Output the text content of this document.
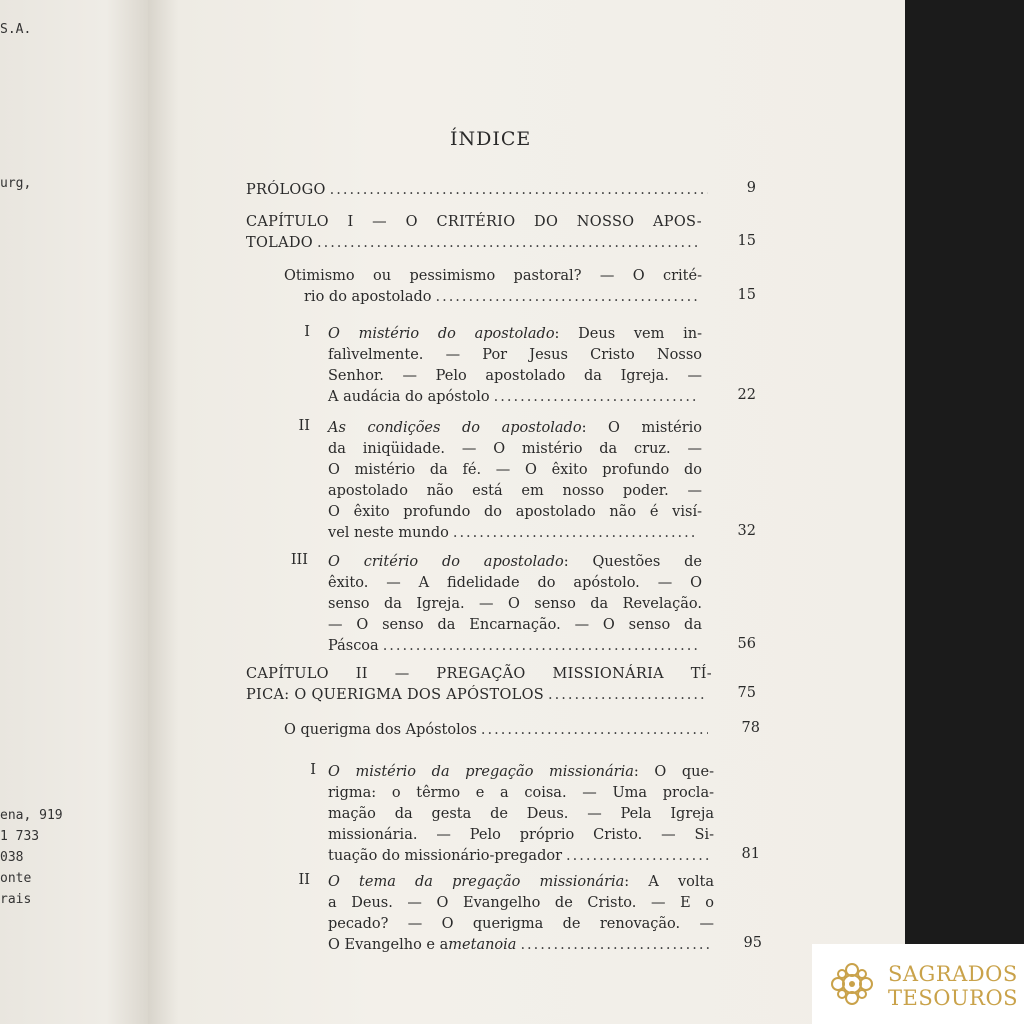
S.A.
urg,
ena, 919
1 733
038
onte
rais
ÍNDICE
PRÓLOGO .....	9
CAPÍTULO I — O CRITÉRIO DO NOSSO APOS-
TOLADO .....	15
Otimismo ou pessimismo pastoral? — O crité-
rio do apostolado .....	15
I O mistério do apostolado: Deus vem in-
falìvelmente. — Por Jesus Cristo Nosso
Senhor. — Pelo apostolado da Igreja. —
A audácia do apóstolo .....	22
II As condições do apostolado: O mistério
da iniqüidade. — O mistério da cruz. —
O mistério da fé. — O êxito profundo do
apostolado não está em nosso poder. —
O êxito profundo do apostolado não é visí-
vel neste mundo .....	32
III O critério do apostolado: Questões de
êxito. — A fidelidade do apóstolo. — O
senso da Igreja. — O senso da Revelação.
— O senso da Encarnação. — O senso da
Páscoa .....	56
CAPÍTULO II — PREGAÇÃO MISSIONÁRIA TÍ-
PICA: O QUERIGMA DOS APÓSTOLOS .....	75
O querigma dos Apóstolos .....	78
I O mistério da pregação missionária: O que-
rigma: o têrmo e a coisa. — Uma procla-
mação da gesta de Deus. — Pela Igreja
missionária. — Pelo próprio Cristo. — Si-
tuação do missionário-pregador .....	81
II O tema da pregação missionária: A volta
a Deus. — O Evangelho de Cristo. — E o
pecado? — O querigma de renovação. —
O Evangelho e a metanoia .....	95
SAGRADOS
TESOUROS
